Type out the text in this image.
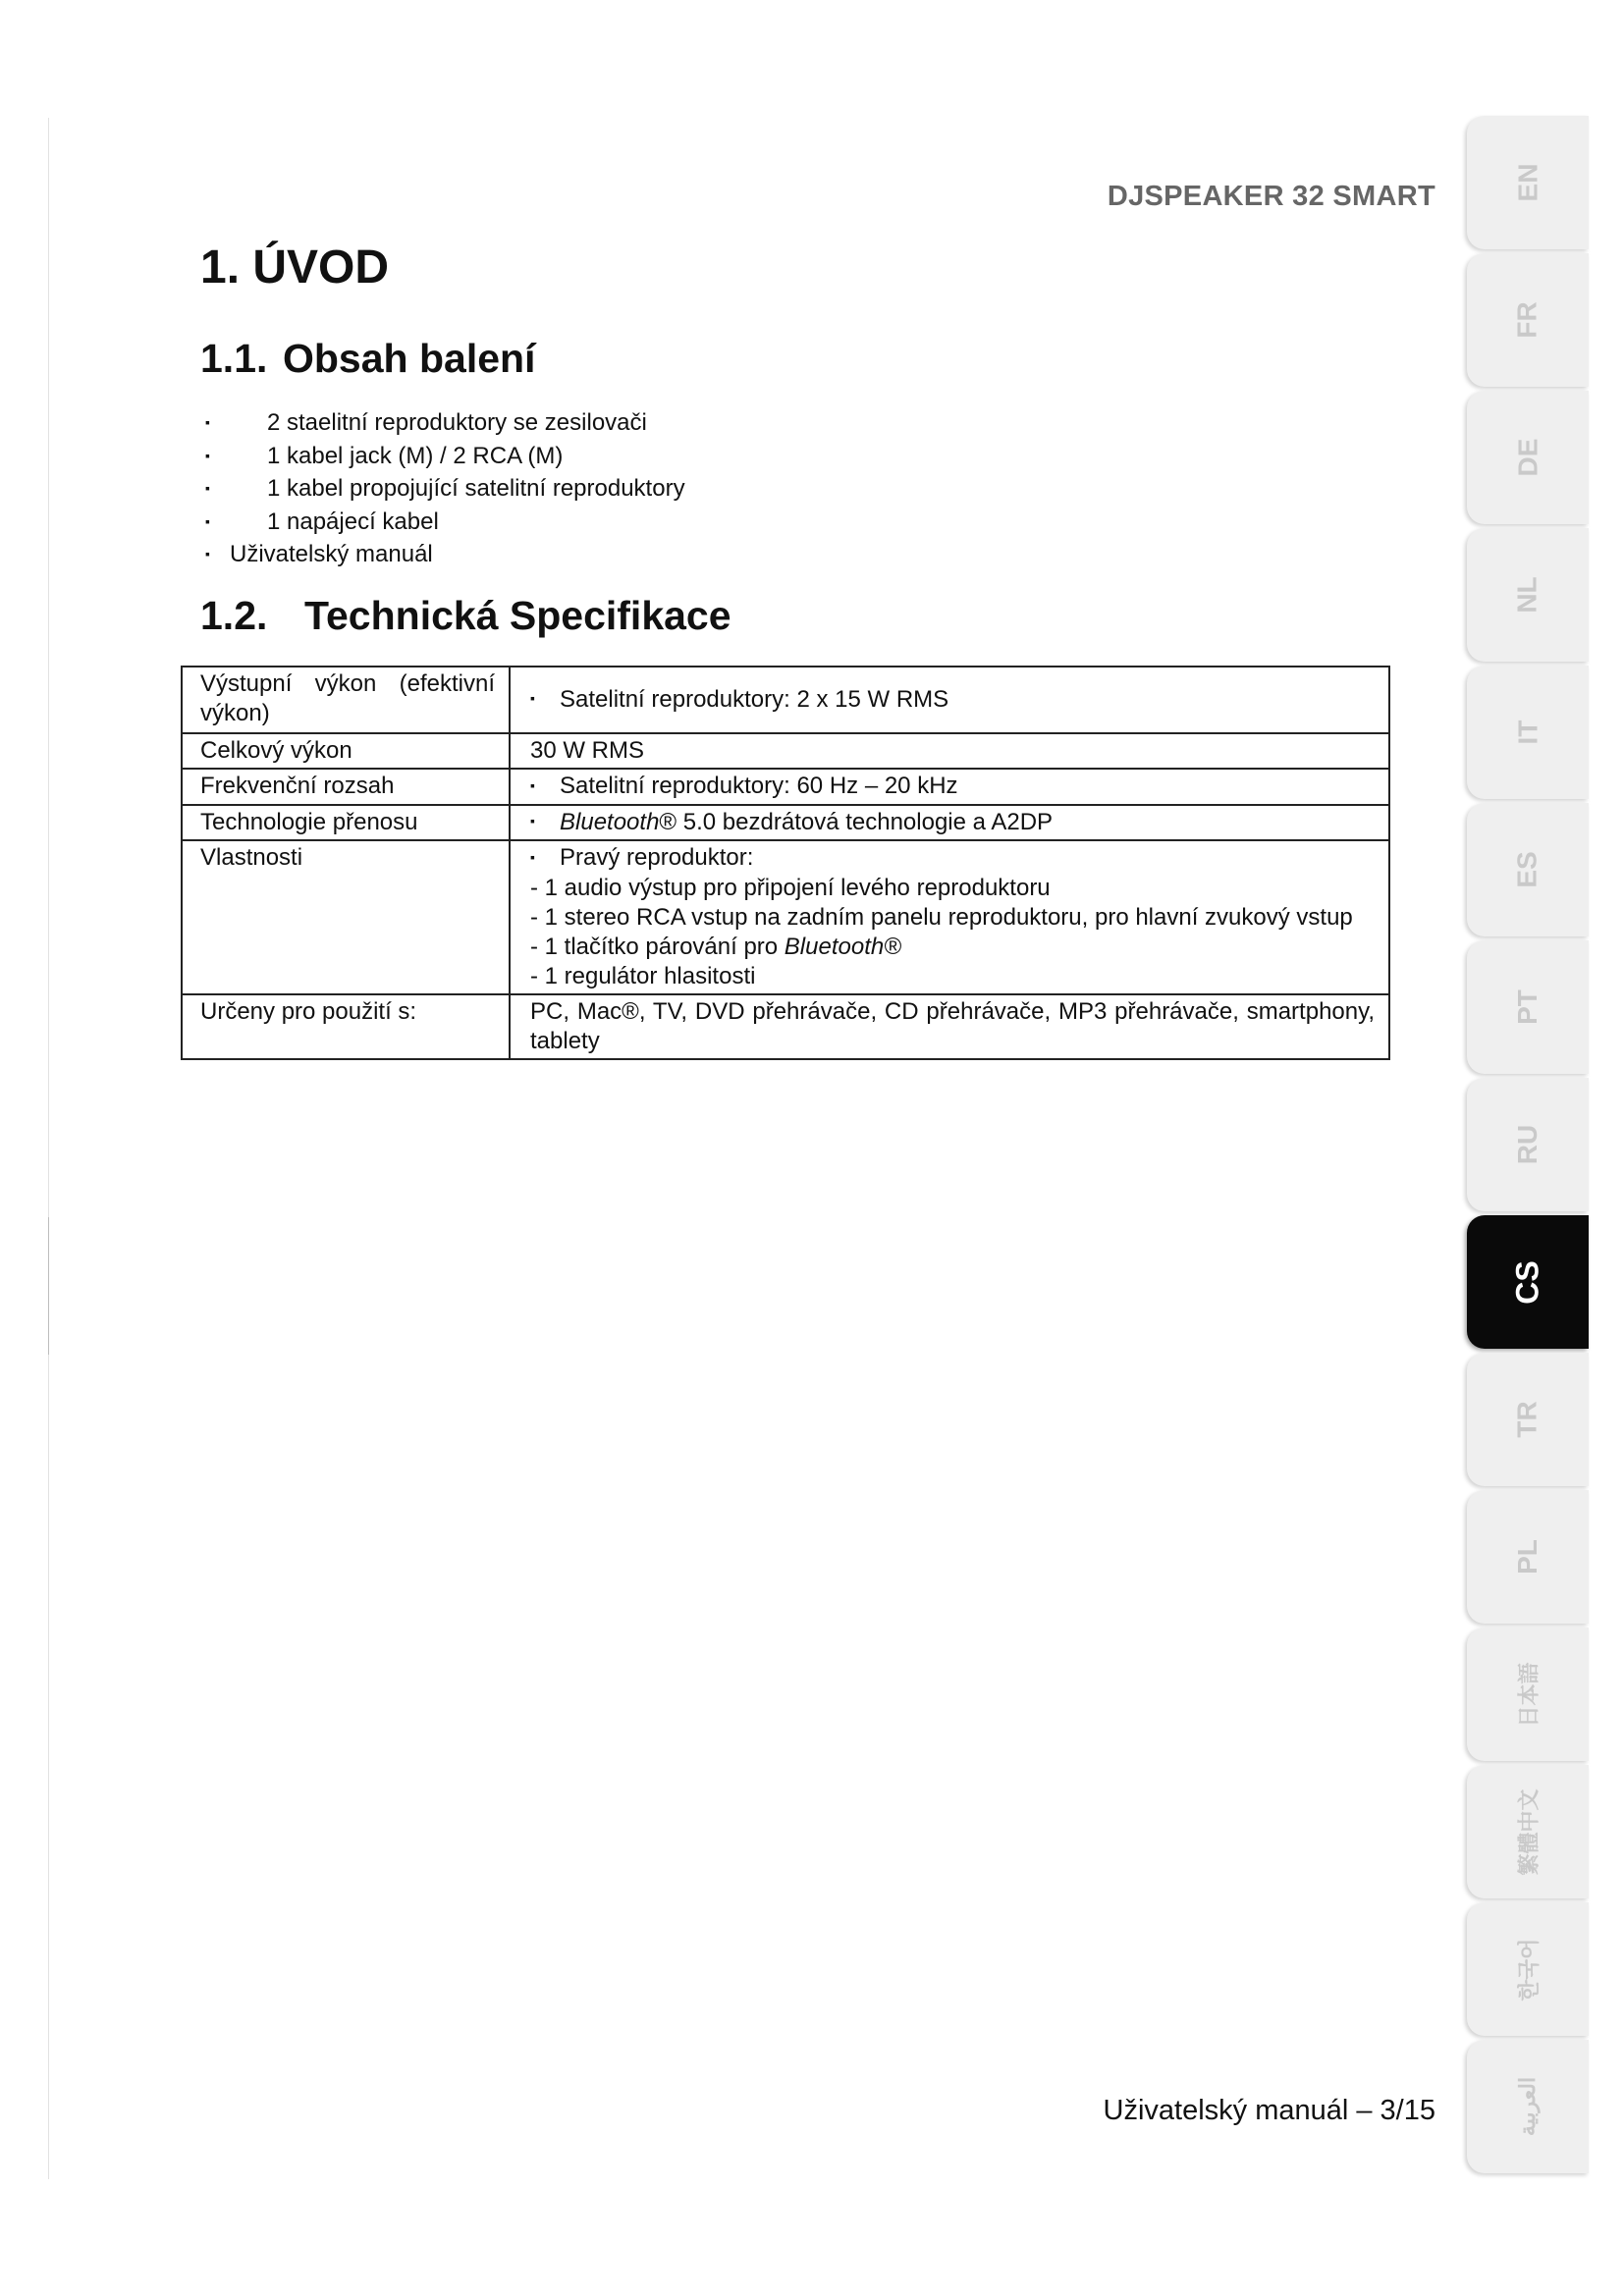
DJSPEAKER 32 SMART
1. ÚVOD
1.1. Obsah balení
▪ 2 staelitní reproduktory se zesilovači
▪ 1 kabel jack (M) / 2 RCA (M)
▪ 1 kabel propojující satelitní reproduktory
▪ 1 napájecí kabel
▪ Uživatelský manuál
1.2. Technická Specifikace
Výstupní výkon (efektivní výkon)	▪ Satelitní reproduktory: 2 x 15 W RMS
Celkový výkon	30 W RMS
Frekvenční rozsah	▪ Satelitní reproduktory: 60 Hz – 20 kHz
Technologie přenosu	▪ Bluetooth® 5.0 bezdrátová technologie a A2DP
Vlastnosti	▪ Pravý reproduktor:
- 1 audio výstup pro připojení levého reproduktoru
- 1 stereo RCA vstup na zadním panelu reproduktoru, pro hlavní zvukový vstup
- 1 tlačítko párování pro Bluetooth®
- 1 regulátor hlasitosti

Určeny pro použití s:	PC, Mac®, TV, DVD přehrávače, CD přehrávače, MP3 přehrávače, smartphony, tablety
Uživatelský manuál – 3/15
EN
FR
DE
NL
IT
ES
PT
RU
CS
TR
PL
日本語
繁體中文
한국어
العربية
